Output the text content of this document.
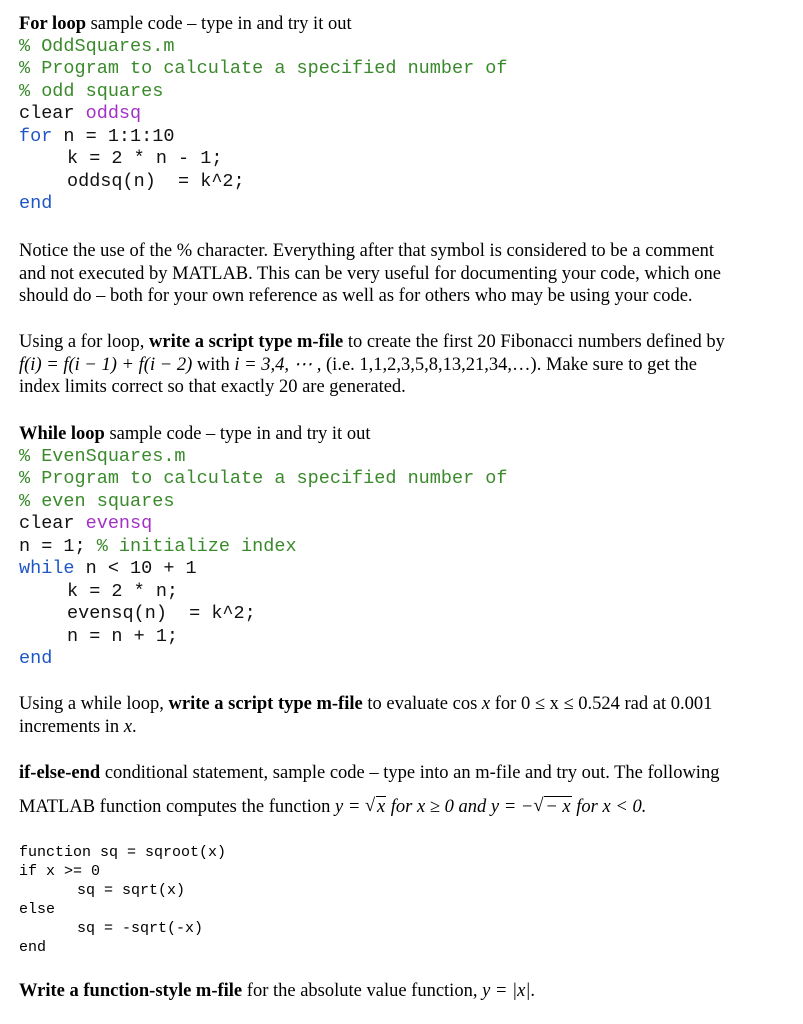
For loop sample code – type in and try it out
% OddSquares.m
% Program to calculate a specified number of
% odd squares
clear oddsq
for n = 1:1:10
k = 2 * n - 1;
oddsq(n)  = k^2;
end
Notice the use of the % character. Everything after that symbol is considered to be a comment
and not executed by MATLAB. This can be very useful for documenting your code, which one
should do – both for your own reference as well as for others who may be using your code.
Using a for loop, write a script type m-file to create the first 20 Fibonacci numbers defined by
f(i) = f(i − 1) + f(i − 2) with i = 3,4, ⋯ , (i.e. 1,1,2,3,5,8,13,21,34,…). Make sure to get the
index limits correct so that exactly 20 are generated.
While loop sample code – type in and try it out
% EvenSquares.m
% Program to calculate a specified number of
% even squares
clear evensq
n = 1; % initialize index
while n < 10 + 1
k = 2 * n;
evensq(n)  = k^2;
n = n + 1;
end
Using a while loop, write a script type m-file to evaluate cos x for 0 ≤ x ≤ 0.524 rad at 0.001
increments in x.
if-else-end conditional statement, sample code – type into an m-file and try out. The following
MATLAB function computes the function y = √ x for x ≥ 0 and y = −√ − x for x < 0.
function sq = sqroot(x)
if x >= 0
sq = sqrt(x)
else
sq = -sqrt(-x)
end
Write a function-style m-file for the absolute value function, y = |x|.
